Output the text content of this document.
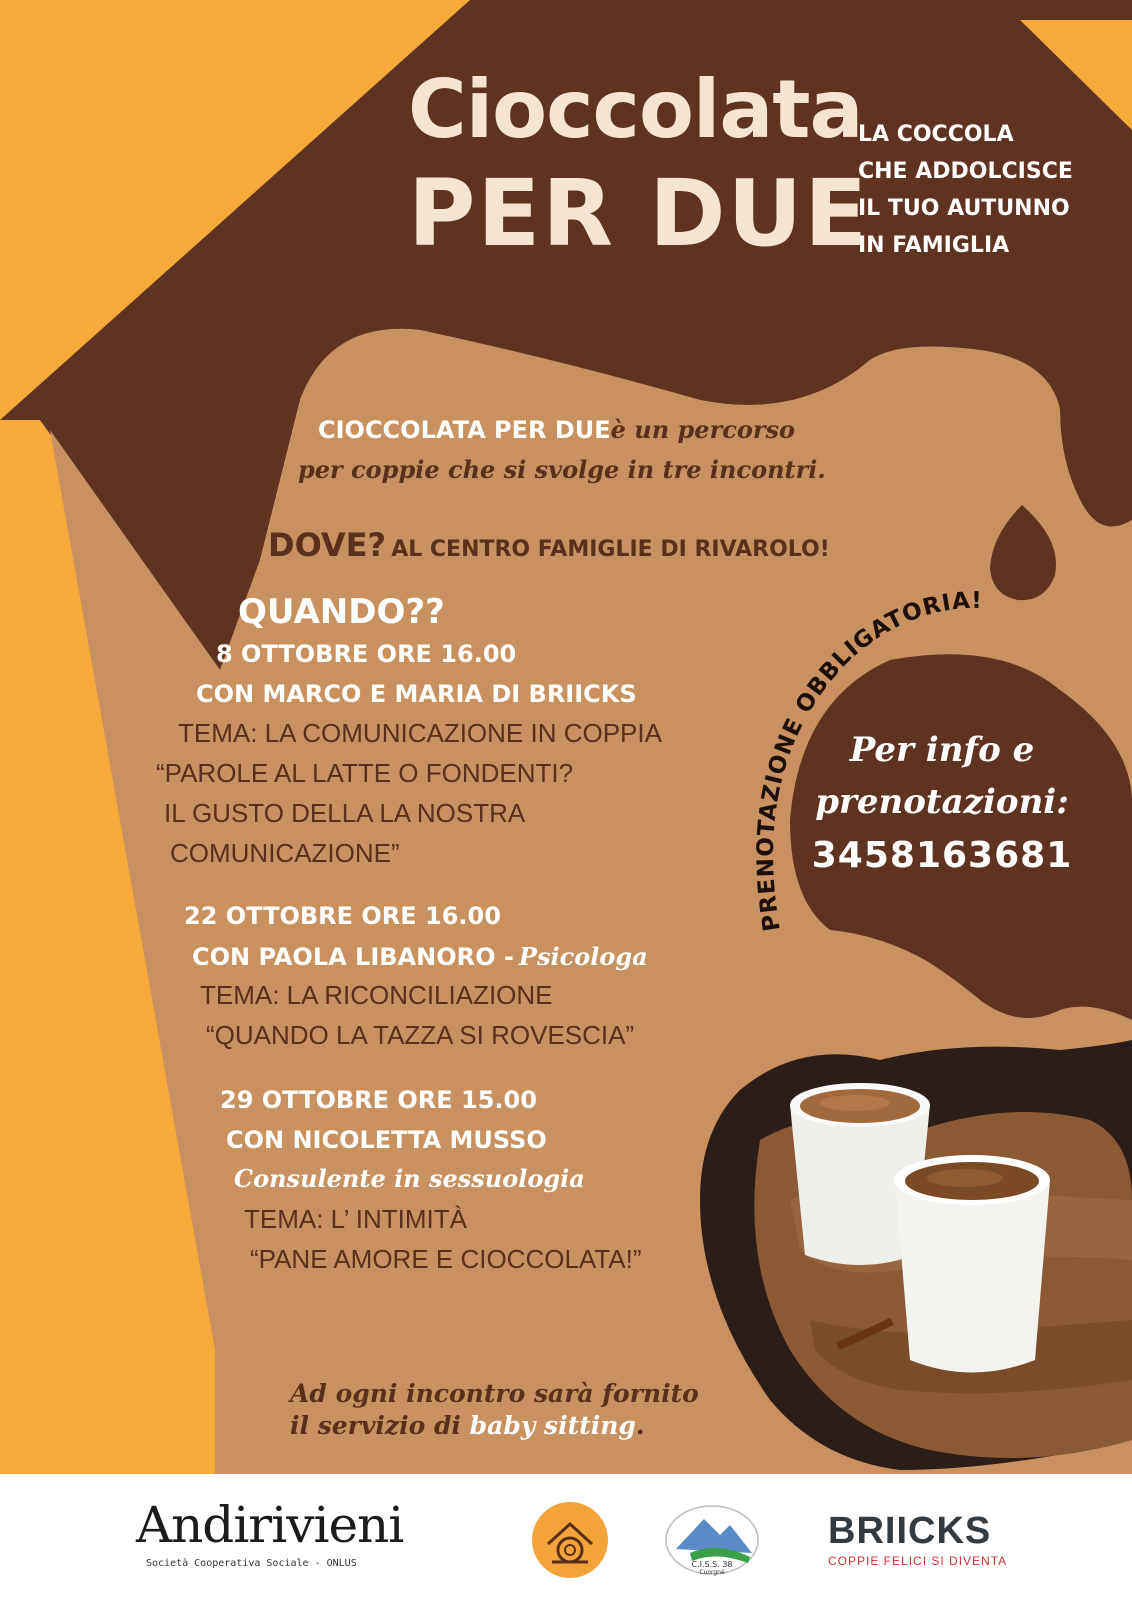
Cioccolata
PER DUE
LA COCCOLA
CHE ADDOLCISCE
IL TUO AUTUNNO
IN FAMIGLIA
CIOCCOLATA PER DUEè un percorso
per coppie che si svolge in tre incontri.
DOVE? AL CENTRO FAMIGLIE DI RIVAROLO!
QUANDO??
8 OTTOBRE ORE 16.00
CON MARCO E MARIA DI BRIICKS
TEMA: LA COMUNICAZIONE IN COPPIA
“PAROLE AL LATTE O FONDENTI?
IL GUSTO DELLA LA NOSTRA
COMUNICAZIONE”
22 OTTOBRE ORE 16.00
CON PAOLA LIBANORO - Psicologa
TEMA: LA RICONCILIAZIONE
“QUANDO LA TAZZA SI ROVESCIA”
29 OTTOBRE ORE 15.00
CON NICOLETTA MUSSO
Consulente in sessuologia
TEMA: L’ INTIMITÀ
“PANE AMORE E CIOCCOLATA!”
PRENOTAZIONE OBBLIGATORIA!
Per info e
prenotazioni:
3458163681
Ad ogni incontro sarà fornito
il servizio di baby sitting.
Andirivieni
Società Cooperativa Sociale - ONLUS	C.I.S.S. 38
Cuorgnè
BRIICKS
COPPIE FELICI SI DIVENTA
